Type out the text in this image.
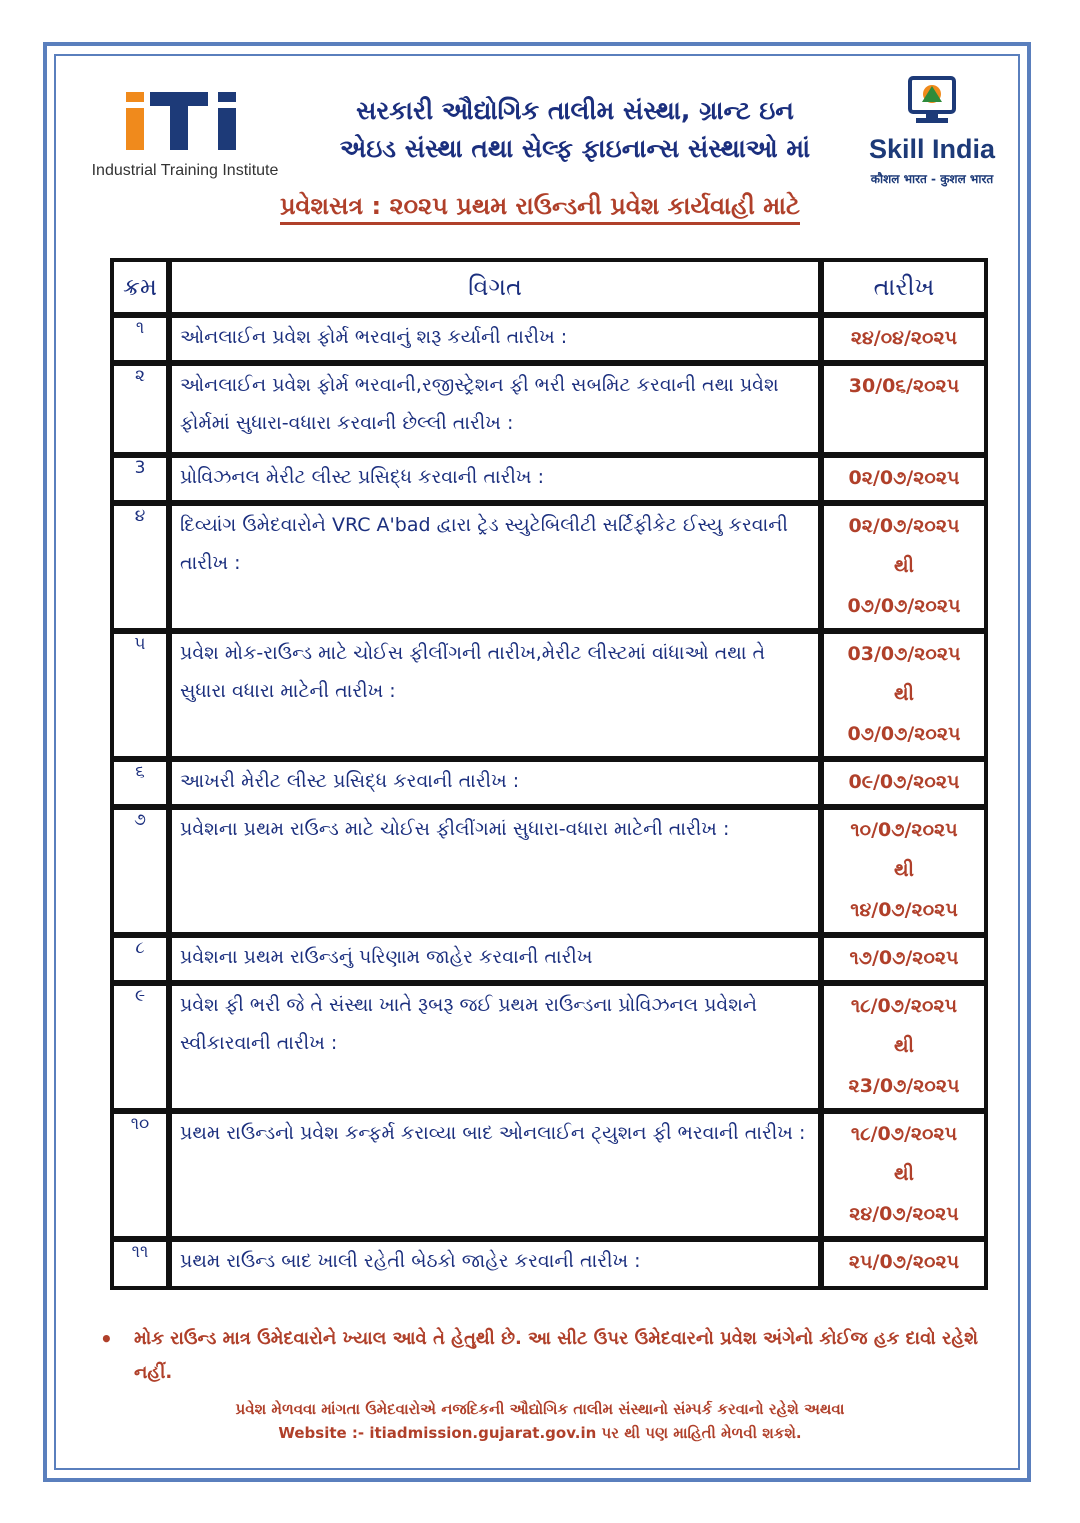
Industrial Training Institute
સરકારી ઔદ્યોગિક તાલીમ સંસ્થા, ગ્રાન્ટ ઇન
એઇડ સંસ્થા તથા સેલ્ફ ફાઇનાન્સ સંસ્થાઓ માં	Skill India
कौशल भारत - कुशल भारत
પ્રવેશસત્ર : ૨૦૨૫ પ્રથમ રાઉન્ડની પ્રવેશ કાર્યવાહી માટે
ક્રમ	વિગત	તારીખ
૧	ઓનલાઈન પ્રવેશ ફોર્મ ભરવાનું શરૂ કર્યાની તારીખ :	૨૪/૦૪/૨૦૨૫

૨	ઓનલાઈન પ્રવેશ ફોર્મ ભરવાની,રજીસ્ટ્રેશન ફી ભરી સબમિટ કરવાની તથા પ્રવેશ ફોર્મમાં સુધારા-વધારા કરવાની છેલ્લી તારીખ :	30/0૬/૨૦૨૫

3	પ્રોવિઝનલ મેરીટ લીસ્ટ પ્રસિદ્ધ કરવાની તારીખ :	0૨/0૭/૨૦૨૫

૪	દિવ્યાંગ ઉમેદવારોને VRC A'bad દ્વારા ટ્રેડ સ્યુટેબિલીટી સર્ટિફીકેટ ઈસ્યુ કરવાની તારીખ :	0૨/0૭/૨૦૨૫
થી
0૭/0૭/૨૦૨૫

૫	પ્રવેશ મોક-રાઉન્ડ માટે ચોઈસ ફીલીંગની તારીખ,મેરીટ લીસ્ટમાં વાંધાઓ તથા તે સુધારા વધારા માટેની તારીખ :	03/0૭/૨૦૨૫
થી
0૭/0૭/૨૦૨૫

૬	આખરી મેરીટ લીસ્ટ પ્રસિદ્ધ કરવાની તારીખ :	0૯/0૭/૨૦૨૫

૭	પ્રવેશના પ્રથમ રાઉન્ડ માટે ચોઈસ ફીલીંગમાં સુધારા-વધારા માટેની તારીખ :	૧૦/0૭/૨૦૨૫
થી
૧૪/0૭/૨૦૨૫

૮	પ્રવેશના પ્રથમ રાઉન્ડનું પરિણામ જાહેર કરવાની તારીખ	૧૭/0૭/૨૦૨૫

૯	પ્રવેશ ફી ભરી જે તે સંસ્થા ખાતે રૂબરૂ જઈ પ્રથમ રાઉન્ડના પ્રોવિઝનલ પ્રવેશને સ્વીકારવાની તારીખ :	૧૮/0૭/૨૦૨૫
થી
૨3/0૭/૨૦૨૫

૧૦	પ્રથમ રાઉન્ડનો પ્રવેશ કન્ફર્મ કરાવ્યા બાદ ઓનલાઈન ટ્યુશન ફી ભરવાની તારીખ :	૧૮/0૭/૨૦૨૫
થી
૨૪/0૭/૨૦૨૫

૧૧	પ્રથમ રાઉન્ડ બાદ ખાલી રહેતી બેઠકો જાહેર કરવાની તારીખ :	૨૫/0૭/૨૦૨૫
• મોક રાઉન્ડ માત્ર ઉમેદવારોને ખ્યાલ આવે તે હેતુથી છે. આ સીટ ઉપર ઉમેદવારનો પ્રવેશ અંગેનો કોઈજ હક દાવો રહેશે નહીં.
પ્રવેશ મેળવવા માંગતા ઉમેદવારોએ નજદિકની ઔદ્યોગિક તાલીમ સંસ્થાનો સંમ્પર્ક કરવાનો રહેશે અથવા
Website :- itiadmission.gujarat.gov.in પર થી પણ માહિતી મેળવી શકશે.
